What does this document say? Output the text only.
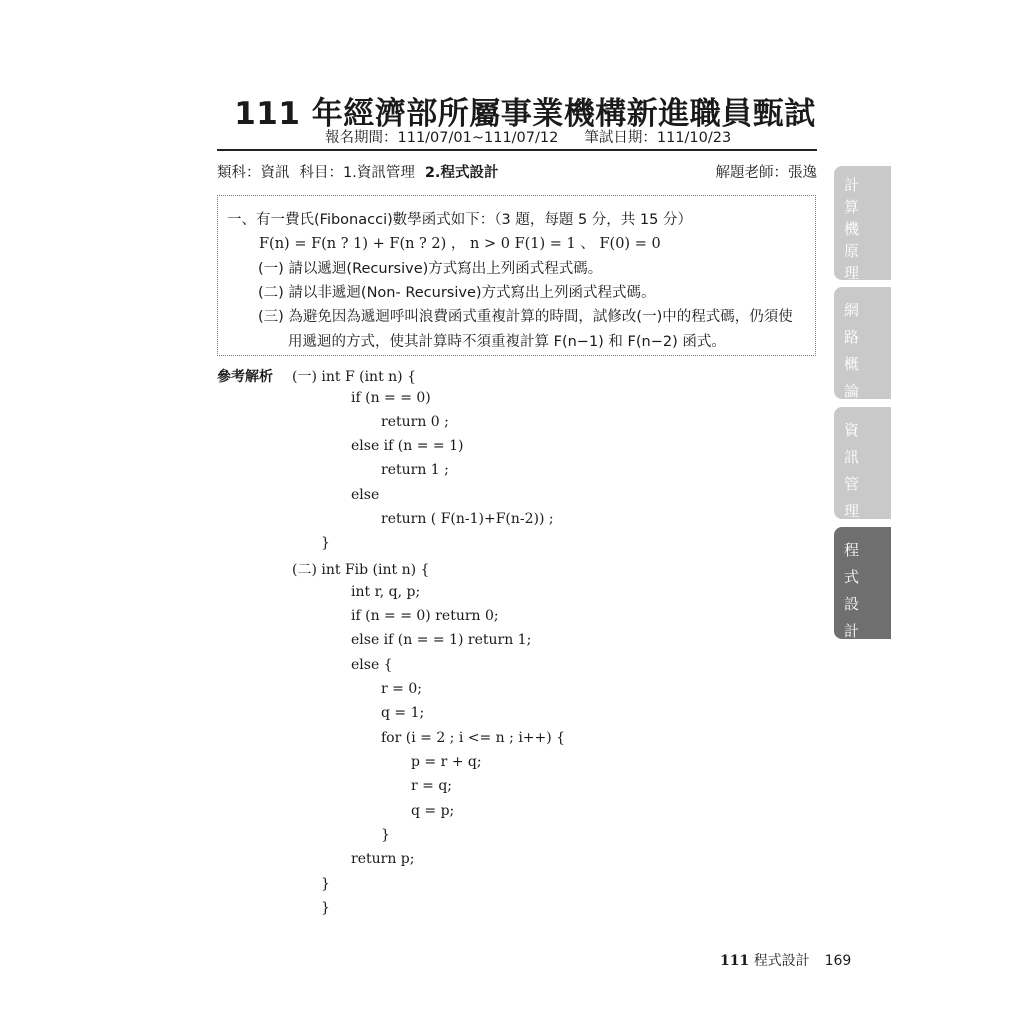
111 年經濟部所屬事業機構新進職員甄試
報名期間：111/07/01~111/07/12 筆試日期：111/10/23
類科：資訊 科目：1.資訊管理 2.程式設計	解題老師：張逸
一、有一費氏(Fibonacci)數學函式如下：（3 題，每題 5 分，共 15 分）
F(n) = F(n ? 1) + F(n ? 2) ， n > 0 F(1) = 1 、 F(0) = 0
(一) 請以遞迴(Recursive)方式寫出上列函式程式碼。
(二) 請以非遞迴(Non- Recursive)方式寫出上列函式程式碼。
(三) 為避免因為遞迴呼叫浪費函式重複計算的時間，試修改(一)中的程式碼，仍須使
用遞迴的方式，使其計算時不須重複計算 F(n−1) 和 F(n−2) 函式。
參考解析 (一) int F (int n) {
if (n = = 0)
return 0 ;
else if (n = = 1)
return 1 ;
else
return ( F(n-1)+F(n-2)) ;
}
(二) int Fib (int n) {
int r, q, p;
if (n = = 0) return 0;
else if (n = = 1) return 1;
else {
r = 0;
q = 1;
for (i = 2 ; i <= n ; i++) {
p = r + q;
r = q;
q = p;
}
return p;
}
}
計
算
機
原
理
網
路
概
論
資
訊
管
理
程
式
設
計
111 程式設計 169
